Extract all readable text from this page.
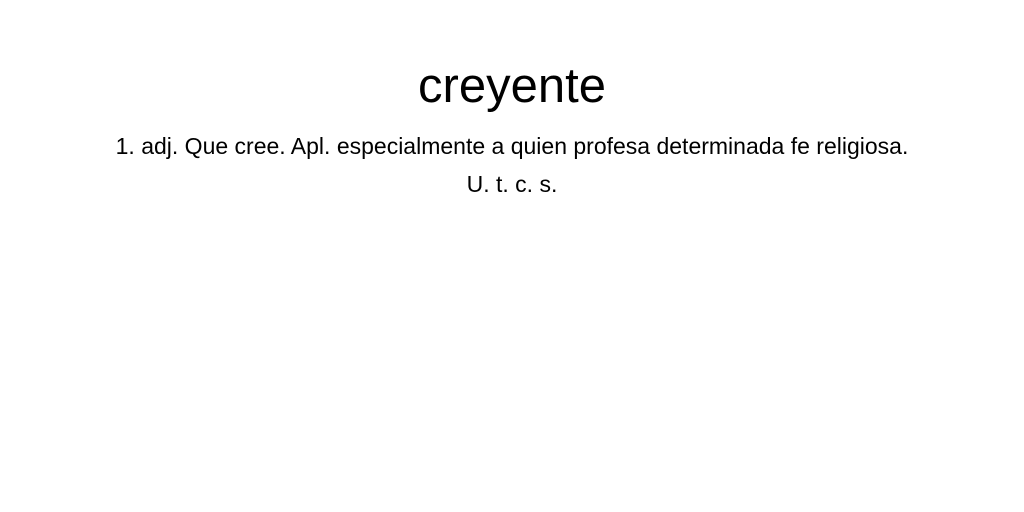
creyente

1. adj. Que cree. Apl. especialmente a quien profesa determinada fe religiosa.
U. t. c. s.
